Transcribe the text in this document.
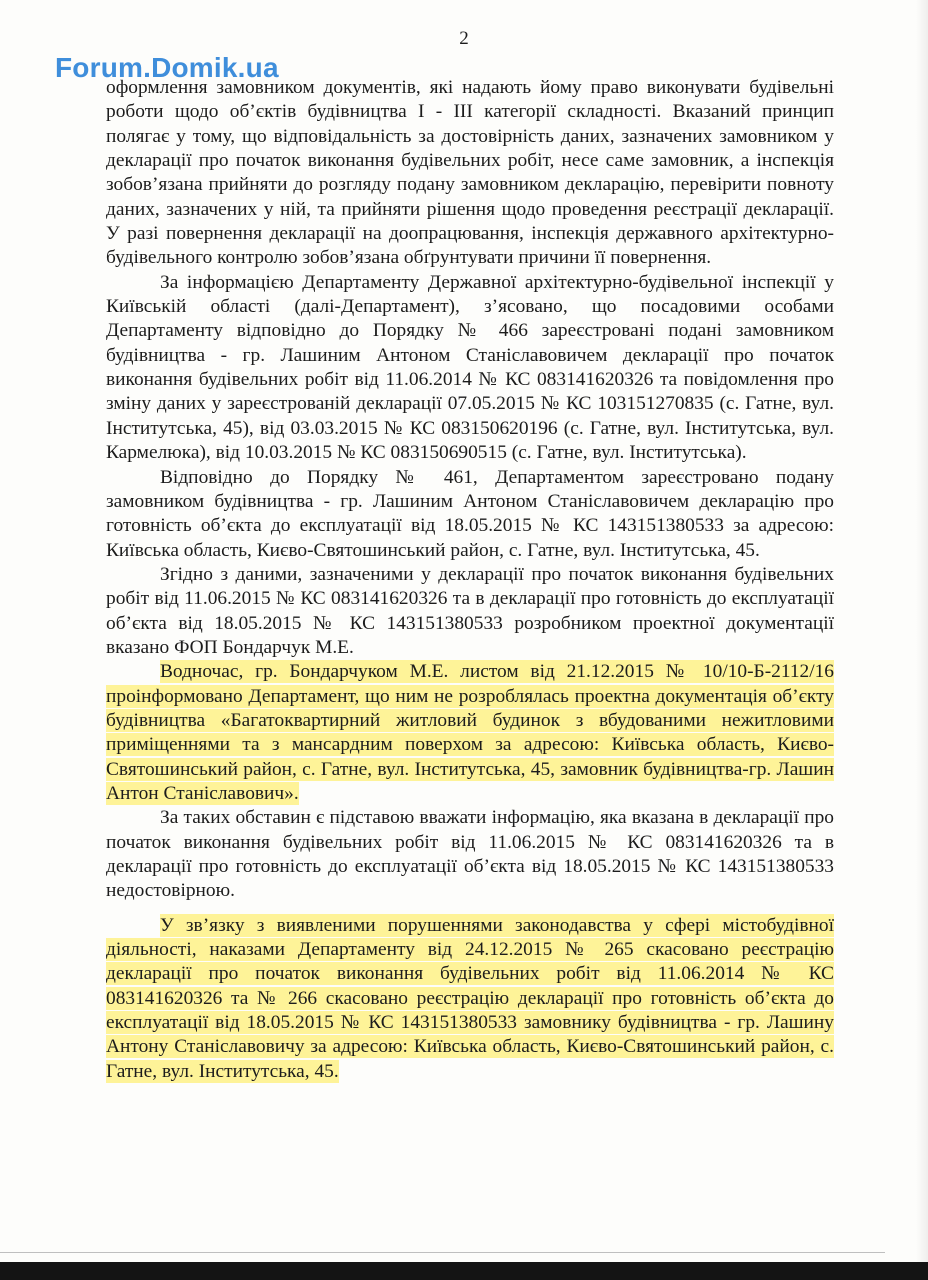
2
Forum.Domik.ua

оформлення замовником документів, які надають йому право виконувати будівельні роботи щодо об’єктів будівництва І - ІІІ категорії складності. Вказаний принцип полягає у тому, що відповідальність за достовірність даних, зазначених замовником у декларації про початок виконання будівельних робіт, несе саме замовник, а інспекція зобов’язана прийняти до розгляду подану замовником декларацію, перевірити повноту даних, зазначених у ній, та прийняти рішення щодо проведення реєстрації декларації. У разі повернення декларації на доопрацювання, інспекція державного архітектурно-будівельного контролю зобов’язана обґрунтувати причини її повернення.

За інформацією Департаменту Державної архітектурно-будівельної інспекції у Київській області (далі-Департамент), з’ясовано, що посадовими особами Департаменту відповідно до Порядку № 466 зареєстровані подані замовником будівництва - гр. Лашиним Антоном Станіславовичем декларації про початок виконання будівельних робіт від 11.06.2014 № КС 083141620326 та повідомлення про зміну даних у зареєстрованій декларації 07.05.2015 № КС 103151270835 (с. Гатне, вул. Інститутська, 45), від 03.03.2015 № КС 083150620196 (с. Гатне, вул. Інститутська, вул. Кармелюка), від 10.03.2015 № КС 083150690515 (с. Гатне, вул. Інститутська).

Відповідно до Порядку № 461, Департаментом зареєстровано подану замовником будівництва - гр. Лашиним Антоном Станіславовичем декларацію про готовність об’єкта до експлуатації від 18.05.2015 № КС 143151380533 за адресою: Київська область, Києво-Святошинський район, с. Гатне, вул. Інститутська, 45.

Згідно з даними, зазначеними у декларації про початок виконання будівельних робіт від 11.06.2015 № КС 083141620326 та в декларації про готовність до експлуатації об’єкта від 18.05.2015 № КС 143151380533 розробником проектної документації вказано ФОП Бондарчук М.Е.

Водночас, гр. Бондарчуком М.Е. листом від 21.12.2015 № 10/10-Б-2112/16 проінформовано Департамент, що ним не розроблялась проектна документація об’єкту будівництва «Багатоквартирний житловий будинок з вбудованими нежитловими приміщеннями та з мансардним поверхом за адресою: Київська область, Києво-Святошинський район, с. Гатне, вул. Інститутська, 45, замовник будівництва-гр. Лашин Антон Станіславович».

За таких обставин є підставою вважати інформацію, яка вказана в декларації про початок виконання будівельних робіт від 11.06.2015 № КС 083141620326 та в декларації про готовність до експлуатації об’єкта від 18.05.2015 № КС 143151380533 недостовірною.

У зв’язку з виявленими порушеннями законодавства у сфері містобудівної діяльності, наказами Департаменту від 24.12.2015 № 265 скасовано реєстрацію декларації про початок виконання будівельних робіт від 11.06.2014 № КС 083141620326 та № 266 скасовано реєстрацію декларації про готовність об’єкта до експлуатації від 18.05.2015 № КС 143151380533 замовнику будівництва - гр. Лашину Антону Станіславовичу за адресою: Київська область, Києво-Святошинський район, с. Гатне, вул. Інститутська, 45.
